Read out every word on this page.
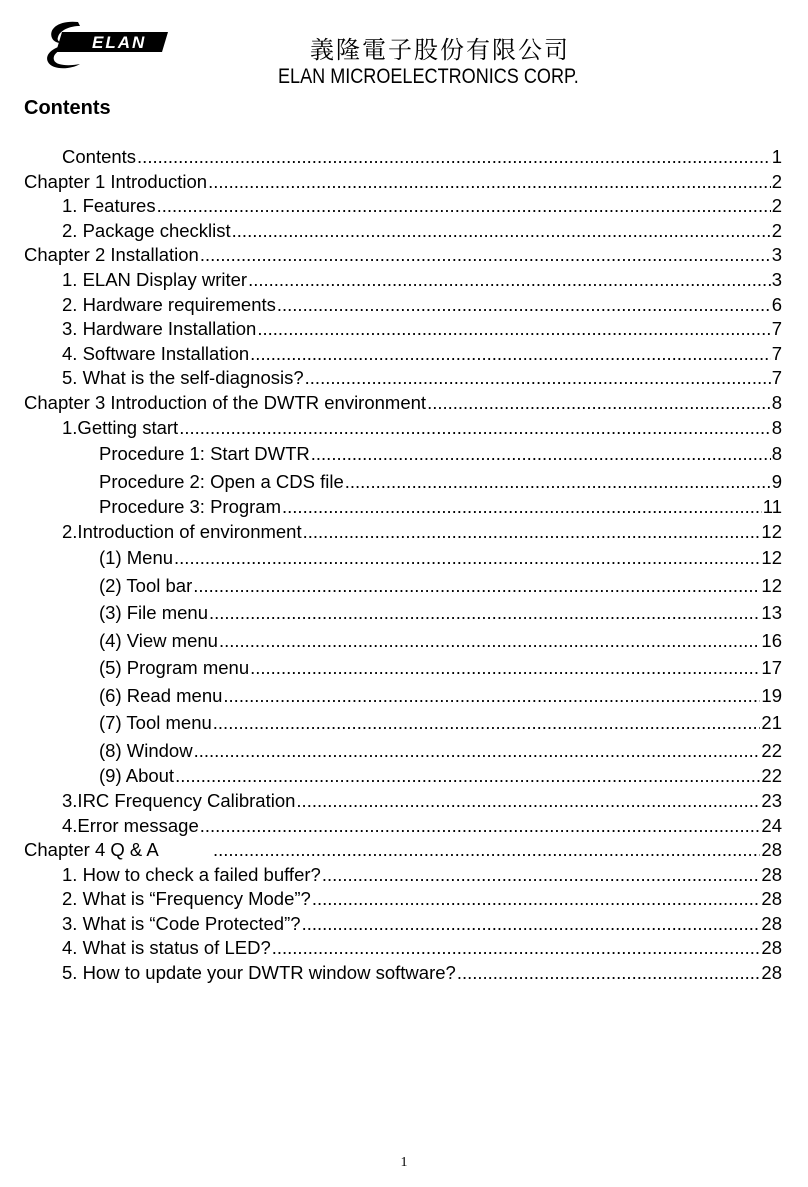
ELAN	義隆電子股份有限公司
ELAN MICROELECTRONICS CORP.
Contents
Contents .....	1
Chapter 1 Introduction .....	2
1. Features .....	2
2. Package checklist .....	2
Chapter 2 Installation .....	3
1. ELAN Display writer .....	3
2. Hardware requirements .....	6
3. Hardware Installation .....	7
4. Software Installation .....	7
5. What is the self-diagnosis? .....	7
Chapter 3 Introduction of the DWTR environment .....	8
1.Getting start .....	8
Procedure 1: Start DWTR .....	8
Procedure 2: Open a CDS file .....	9
Procedure 3: Program .....	11
2.Introduction of environment .....	12
(1) Menu .....	12
(2) Tool bar .....	12
(3) File menu .....	13
(4) View menu .....	16
(5) Program menu .....	17
(6) Read menu .....	19
(7) Tool menu .....	21
(8) Window .....	22
(9) About .....	22
3.IRC Frequency Calibration .....	23
4.Error message .....	24
Chapter 4 Q & A .....	28
1. How to check a failed buffer? .....	28
2. What is “Frequency Mode”? .....	28
3. What is “Code Protected”? .....	28
4. What is status of LED? .....	28
5. How to update your DWTR window software? .....	28
1
